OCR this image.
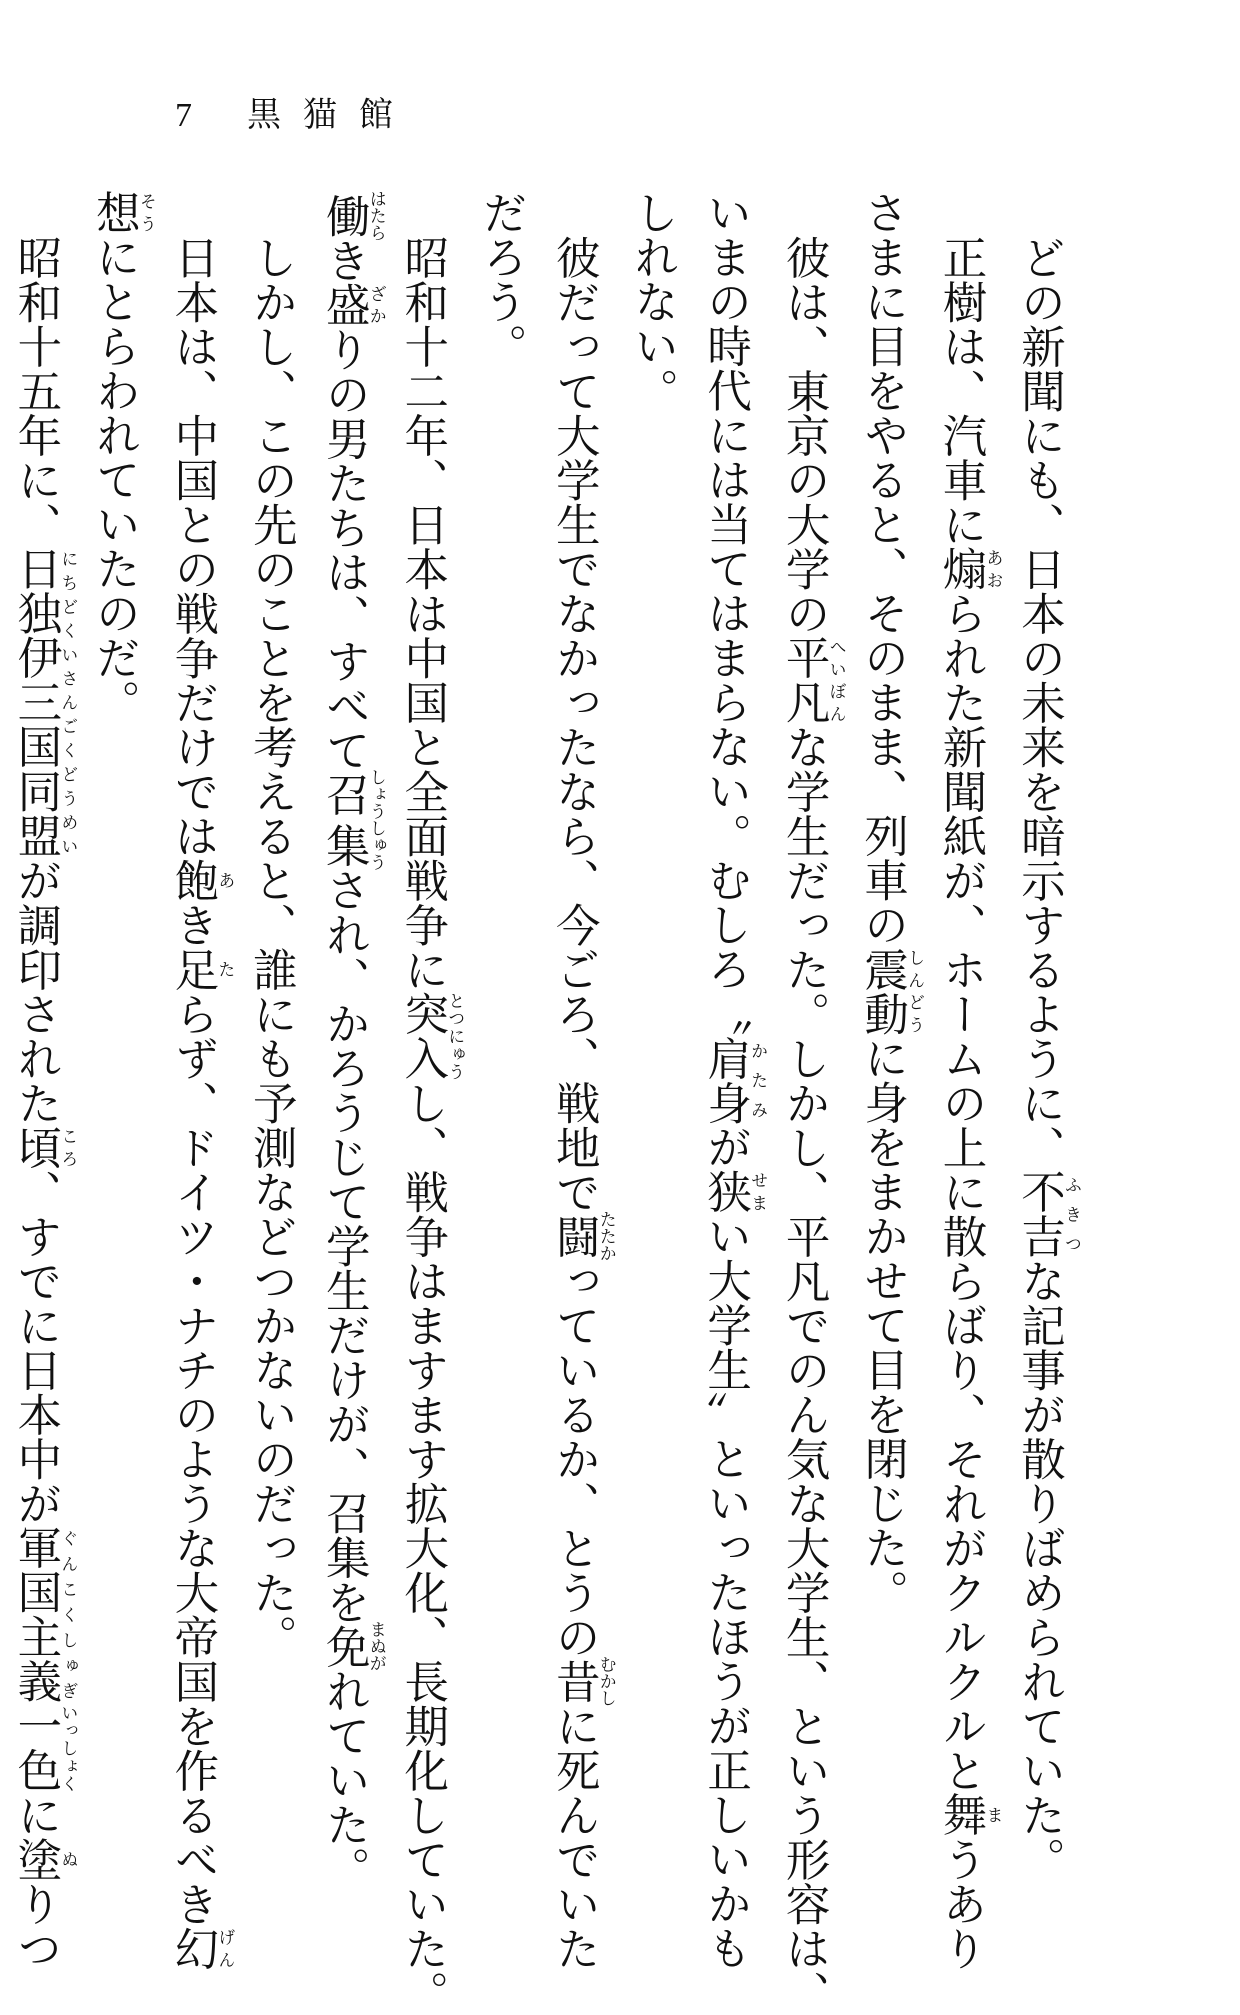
7	黒猫館
どの新聞にも、日本の未来を暗示するように、不吉ふきつな記事が散りばめられていた。
正樹は、汽車に煽あおられた新聞紙が、ホームの上に散らばり、それがクルクルと舞まうあり
さまに目をやると、そのまま、列車の震動しんどうに身をまかせて目を閉じた。
彼は、東京の大学の平凡へいぼんな学生だった。しかし、平凡でのん気な大学生、という形容は、
いまの時代には当てはまらない。むしろ〝肩身かたみが狭せまい大学生〟といったほうが正しいかも
しれない。
彼だって大学生でなかったなら、今ごろ、戦地で闘たたかっているか、とうの昔むかしに死んでいた
だろう。
昭和十二年、日本は中国と全面戦争に突入とつにゅうし、戦争はますます拡大化、長期化していた。
働はたらき盛ざかりの男たちは、すべて召集しょうしゅうされ、かろうじて学生だけが、召集を免まぬがれていた。
しかし、この先のことを考えると、誰にも予測などつかないのだった。
日本は、中国との戦争だけでは飽あき足たらず、ドイツ・ナチのような大帝国を作るべき幻げん
想そうにとらわれていたのだ。
昭和十五年に、日独伊三国同盟にちどくいさんごくどうめいが調印された頃ころ、すでに日本中が軍国主義ぐんこくしゅぎ一色いっしょくに塗ぬりつ
